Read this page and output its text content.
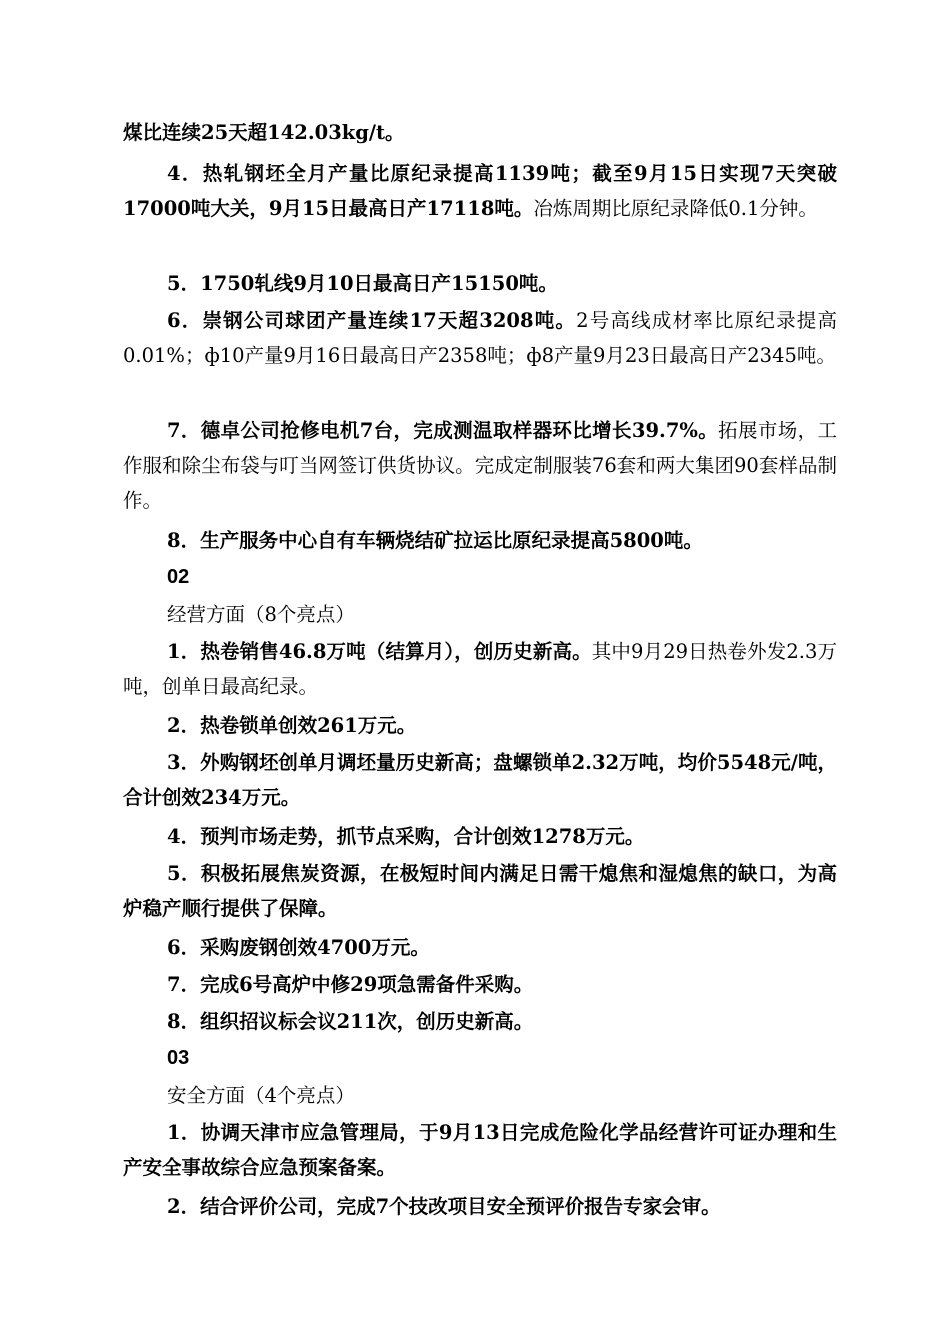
煤比连续25天超142.03kg/t。

4．热轧钢坯全月产量比原纪录提高1139吨；截至9月15日实现7天突破17000吨大关，9月15日最高日产17118吨。冶炼周期比原纪录降低0.1分钟。

5．1750轧线9月10日最高日产15150吨。

6．崇钢公司球团产量连续17天超3208吨。2号高线成材率比原纪录提高0.01%；ф10产量9月16日最高日产2358吨；ф8产量9月23日最高日产2345吨。

7．德卓公司抢修电机7台，完成测温取样器环比增长39.7%。拓展市场，工作服和除尘布袋与叮当网签订供货协议。完成定制服装76套和两大集团90套样品制作。

8．生产服务中心自有车辆烧结矿拉运比原纪录提高5800吨。

02

经营方面（8个亮点）

1．热卷销售46.8万吨（结算月），创历史新高。其中9月29日热卷外发2.3万吨，创单日最高纪录。

2．热卷锁单创效261万元。

3．外购钢坯创单月调坯量历史新高；盘螺锁单2.32万吨，均价5548元/吨，合计创效234万元。

4．预判市场走势，抓节点采购，合计创效1278万元。

5．积极拓展焦炭资源，在极短时间内满足日需干熄焦和湿熄焦的缺口，为高炉稳产顺行提供了保障。

6．采购废钢创效4700万元。

7．完成6号高炉中修29项急需备件采购。

8．组织招议标会议211次，创历史新高。

03

安全方面（4个亮点）

1．协调天津市应急管理局，于9月13日完成危险化学品经营许可证办理和生产安全事故综合应急预案备案。

2．结合评价公司，完成7个技改项目安全预评价报告专家会审。
